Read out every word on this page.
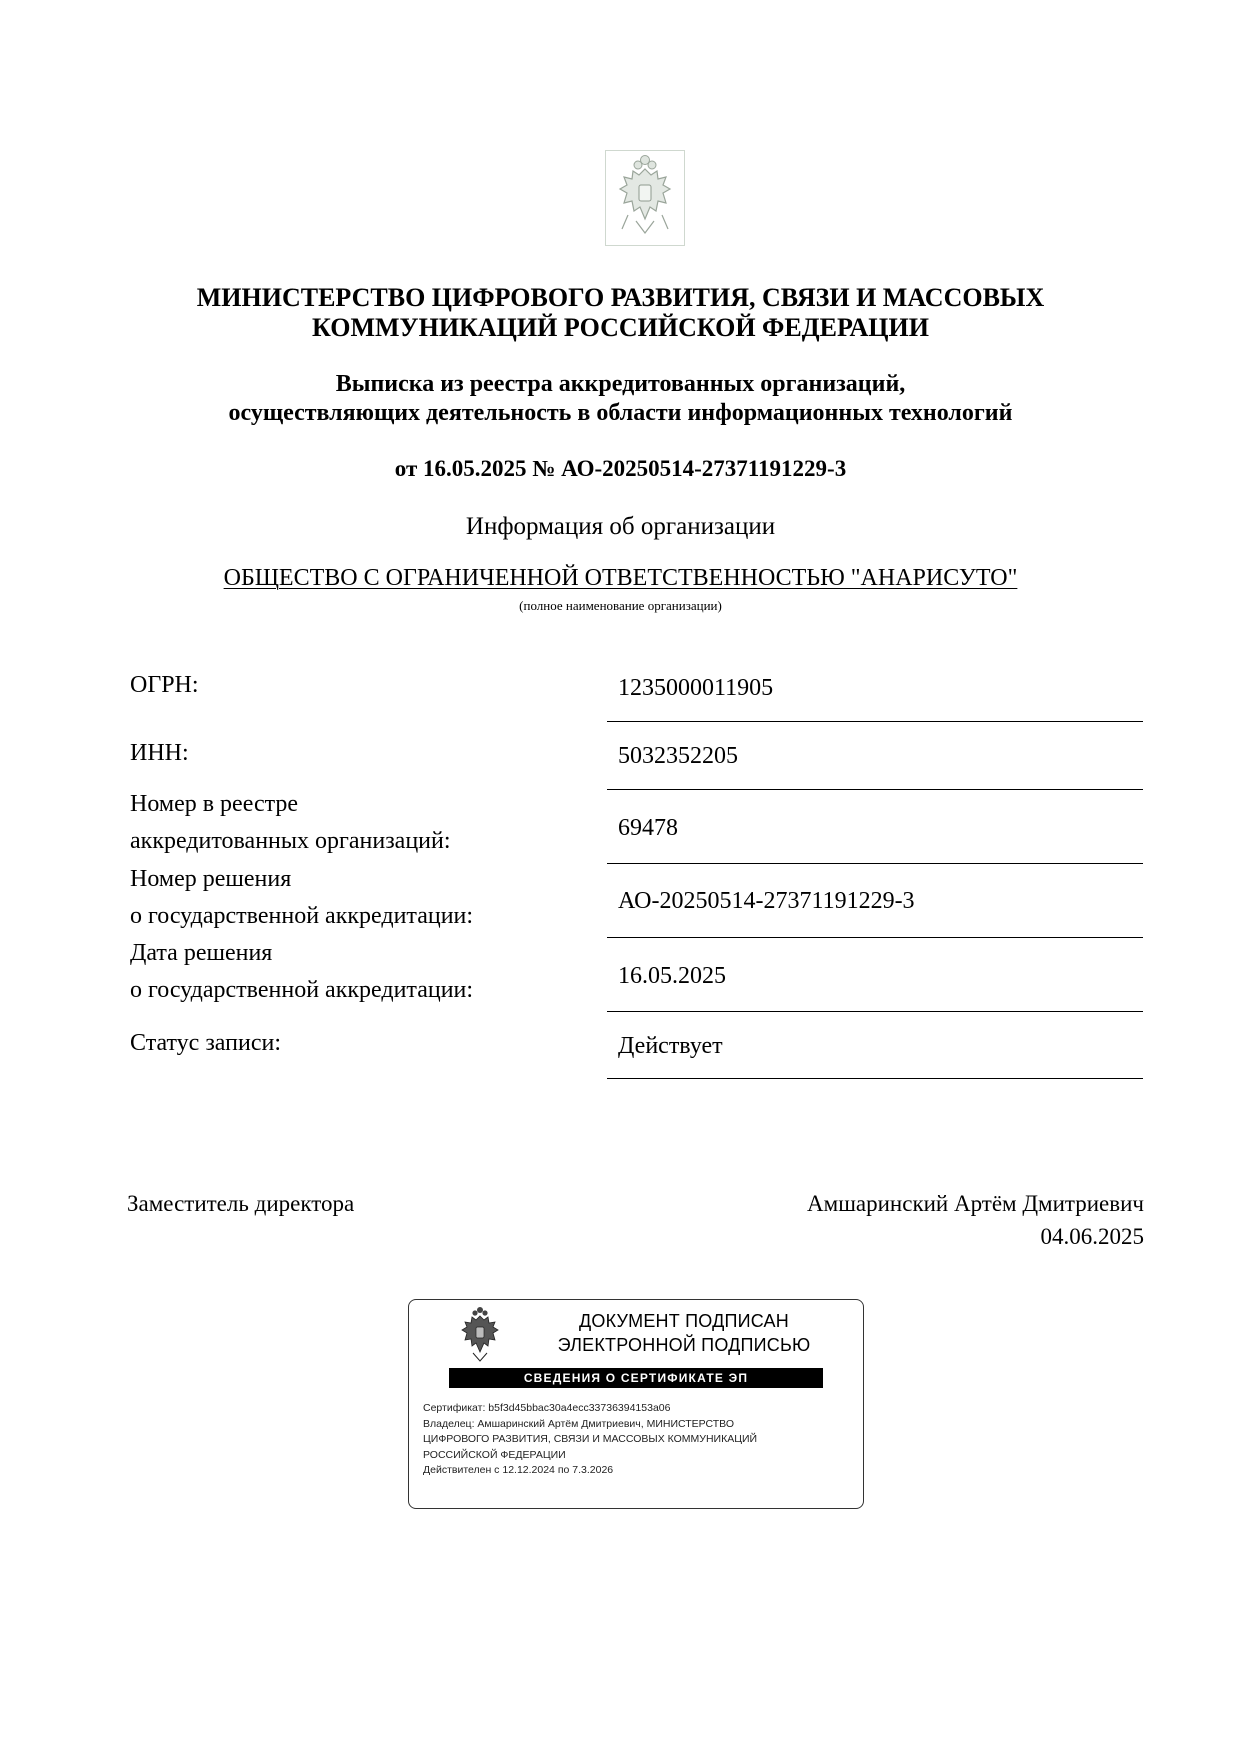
МИНИСТЕРСТВО ЦИФРОВОГО РАЗВИТИЯ, СВЯЗИ И МАССОВЫХ
КОММУНИКАЦИЙ РОССИЙСКОЙ ФЕДЕРАЦИИ
Выписка из реестра аккредитованных организаций,
осуществляющих деятельность в области информационных технологий
от 16.05.2025 № АО-20250514-27371191229-3
Информация об организации
ОБЩЕСТВО С ОГРАНИЧЕННОЙ ОТВЕТСТВЕННОСТЬЮ "АНАРИСУТО"
(полное наименование организации)
ОГРН:	1235000011905
ИНН:	5032352205
Номер в реестре
аккредитованных организаций:	69478
Номер решения
о государственной аккредитации:
АО-20250514-27371191229-3
Дата решения
о государственной аккредитации:
16.05.2025
Статус записи:	Действует
Заместитель директора	Амшаринский Артём Дмитриевич
04.06.2025
ДОКУМЕНТ ПОДПИСАН
ЭЛЕКТРОННОЙ ПОДПИСЬЮ
СВЕДЕНИЯ О СЕРТИФИКАТЕ ЭП
Сертификат: b5f3d45bbac30a4ecc33736394153a06
Владелец: Амшаринский Артём Дмитриевич, МИНИСТЕРСТВО
ЦИФРОВОГО РАЗВИТИЯ, СВЯЗИ И МАССОВЫХ КОММУНИКАЦИЙ
РОССИЙСКОЙ ФЕДЕРАЦИИ
Действителен с 12.12.2024 по 7.3.2026
